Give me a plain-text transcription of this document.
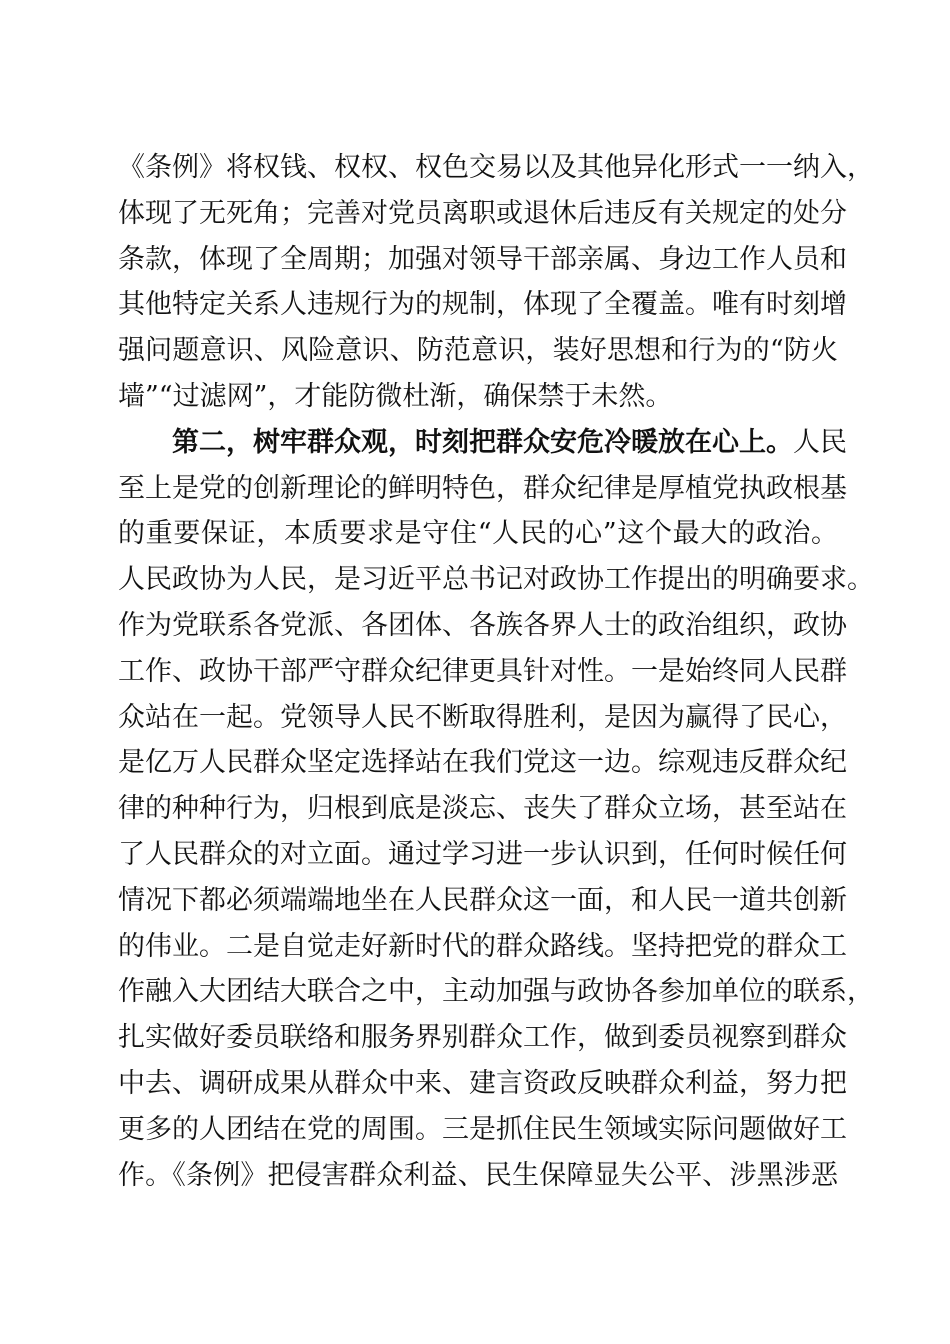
《条例》将权钱、权权、权色交易以及其他异化形式一一纳入，
体现了无死角；完善对党员离职或退休后违反有关规定的处分
条款，体现了全周期；加强对领导干部亲属、身边工作人员和
其他特定关系人违规行为的规制，体现了全覆盖。唯有时刻增
强问题意识、风险意识、防范意识，装好思想和行为的“防火
墙”“过滤网”，才能防微杜渐，确保禁于未然。
第二，树牢群众观，时刻把群众安危冷暖放在心上。人民
至上是党的创新理论的鲜明特色，群众纪律是厚植党执政根基
的重要保证，本质要求是守住“人民的心”这个最大的政治。
人民政协为人民，是习近平总书记对政协工作提出的明确要求。
作为党联系各党派、各团体、各族各界人士的政治组织，政协
工作、政协干部严守群众纪律更具针对性。一是始终同人民群
众站在一起。党领导人民不断取得胜利，是因为赢得了民心，
是亿万人民群众坚定选择站在我们党这一边。综观违反群众纪
律的种种行为，归根到底是淡忘、丧失了群众立场，甚至站在
了人民群众的对立面。通过学习进一步认识到，任何时候任何
情况下都必须端端地坐在人民群众这一面，和人民一道共创新
的伟业。二是自觉走好新时代的群众路线。坚持把党的群众工
作融入大团结大联合之中，主动加强与政协各参加单位的联系，
扎实做好委员联络和服务界别群众工作，做到委员视察到群众
中去、调研成果从群众中来、建言资政反映群众利益，努力把
更多的人团结在党的周围。三是抓住民生领域实际问题做好工
作。《条例》把侵害群众利益、民生保障显失公平、涉黑涉恶
